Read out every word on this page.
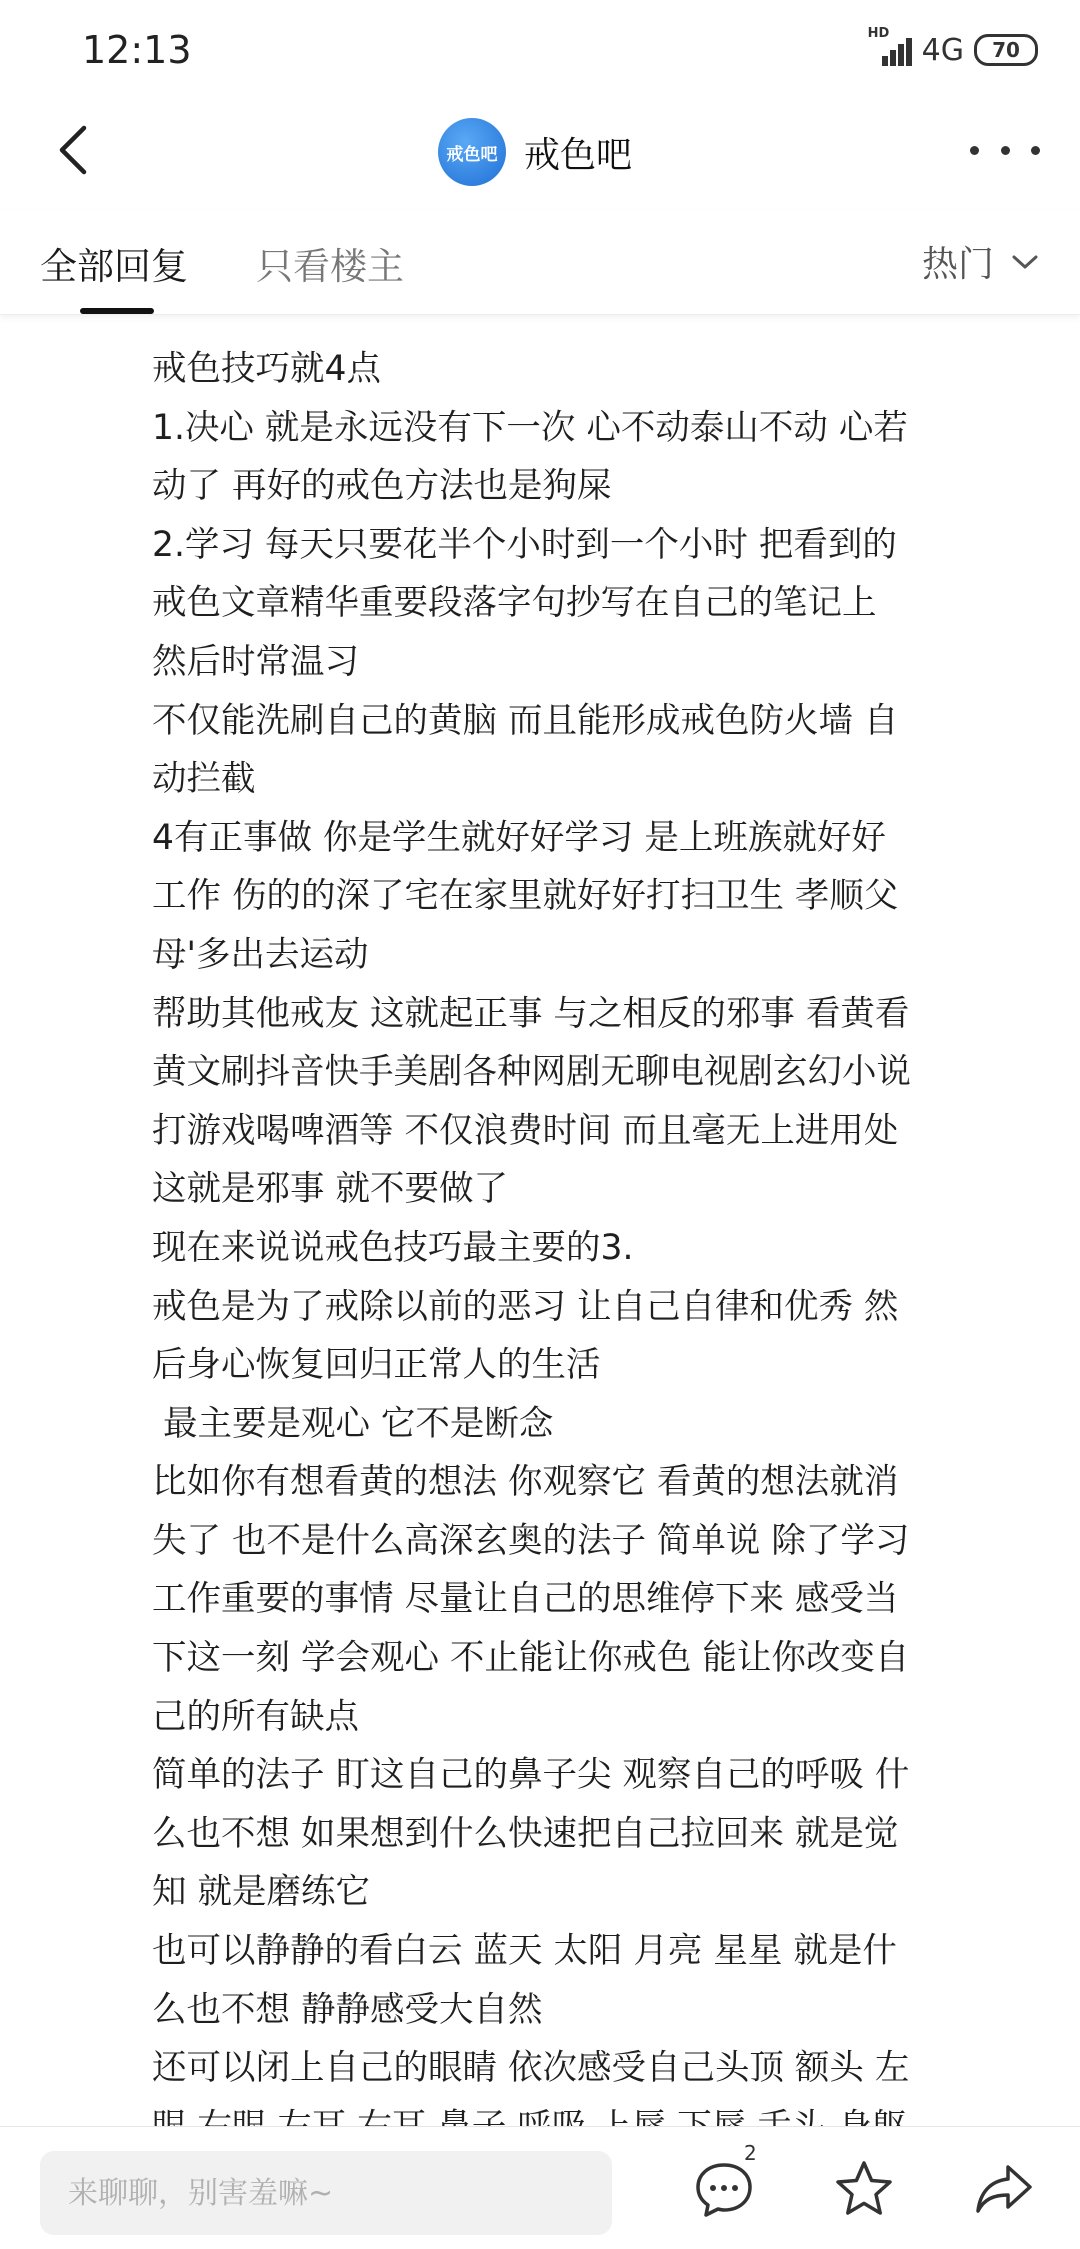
12:13	HD 4G 70
戒色吧 戒色吧
全部回复 只看楼主	热门
戒色技巧就4点
1.决心 就是永远没有下一次 心不动泰山不动 心若
动了 再好的戒色方法也是狗屎
2.学习 每天只要花半个小时到一个小时 把看到的
戒色文章精华重要段落字句抄写在自己的笔记上
然后时常温习
不仅能洗刷自己的黄脑 而且能形成戒色防火墙 自
动拦截
4有正事做 你是学生就好好学习 是上班族就好好
工作 伤的的深了宅在家里就好好打扫卫生 孝顺父
母'多出去运动
帮助其他戒友 这就起正事 与之相反的邪事 看黄看
黄文刷抖音快手美剧各种网剧无聊电视剧玄幻小说
打游戏喝啤酒等 不仅浪费时间 而且毫无上进用处
这就是邪事 就不要做了
现在来说说戒色技巧最主要的3.
戒色是为了戒除以前的恶习 让自己自律和优秀 然
后身心恢复回归正常人的生活
最主要是观心 它不是断念
比如你有想看黄的想法 你观察它 看黄的想法就消
失了 也不是什么高深玄奥的法子 简单说 除了学习
工作重要的事情 尽量让自己的思维停下来 感受当
下这一刻 学会观心 不止能让你戒色 能让你改变自
己的所有缺点
简单的法子 盯这自己的鼻子尖 观察自己的呼吸 什
么也不想 如果想到什么快速把自己拉回来 就是觉
知 就是磨练它
也可以静静的看白云 蓝天 太阳 月亮 星星 就是什
么也不想 静静感受大自然
还可以闭上自己的眼睛 依次感受自己头顶 额头 左
来聊聊，别害羞嘛~
2
